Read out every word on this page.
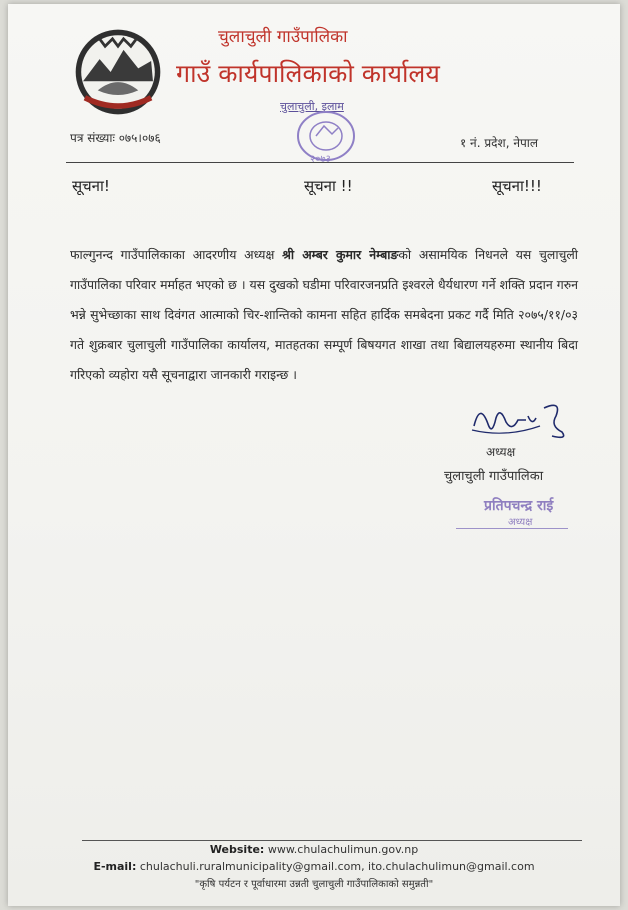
चुलाचुली गाउँपालिका
गाउँ कार्यपालिकाको कार्यालय
चुलाचुली, इलाम
२०७३
पत्र संख्याः ०७५।०७६	१ नं. प्रदेश, नेपाल
सूचना!	सूचना !!	सूचना!!!
फाल्गुनन्द गाउँपालिकाका आदरणीय अध्यक्ष श्री अम्बर कुमार नेम्बाङको असामयिक निधनले यस चुलाचुली गाउँपालिका परिवार मर्माहत भएको छ । यस दुखको घडीमा परिवारजनप्रति इश्वरले धैर्यधारण गर्ने शक्ति प्रदान गरुन भन्ने सुभेच्छाका साथ दिवंगत आत्माको चिर-शान्तिको कामना सहित हार्दिक समबेदना प्रकट गर्दै मिति २०७५/११/०३ गते शुक्रबार चुलाचुली गाउँपालिका कार्यालय, मातहतका सम्पूर्ण बिषयगत शाखा तथा बिद्यालयहरुमा स्थानीय बिदा गरिएको व्यहोरा यसै सूचनाद्वारा जानकारी गराइन्छ ।
अध्यक्ष
चुलाचुली गाउँपालिका
प्रतिपचन्द्र राई
अध्यक्ष
Website: www.chulachulimun.gov.np
E-mail: chulachuli.ruralmunicipality@gmail.com, ito.chulachulimun@gmail.com
"कृषि पर्यटन र पूर्वाधारमा उन्नती चुलाचुली गाउँपालिकाको समुन्नती"
